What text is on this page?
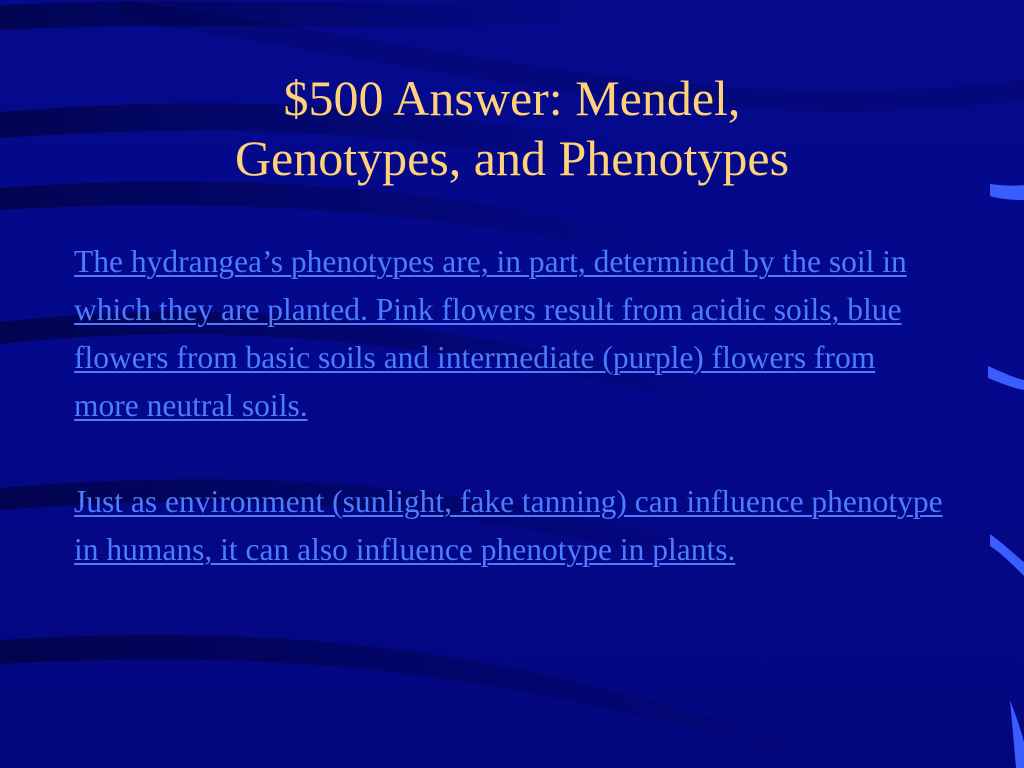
$500 Answer: Mendel,
Genotypes, and Phenotypes

The hydrangea’s phenotypes are, in part, determined by the soil in which they are planted. Pink flowers result from acidic soils, blue flowers from basic soils and intermediate (purple) flowers from more neutral soils.

Just as environment (sunlight, fake tanning) can influence phenotype in humans, it can also influence phenotype in plants.
